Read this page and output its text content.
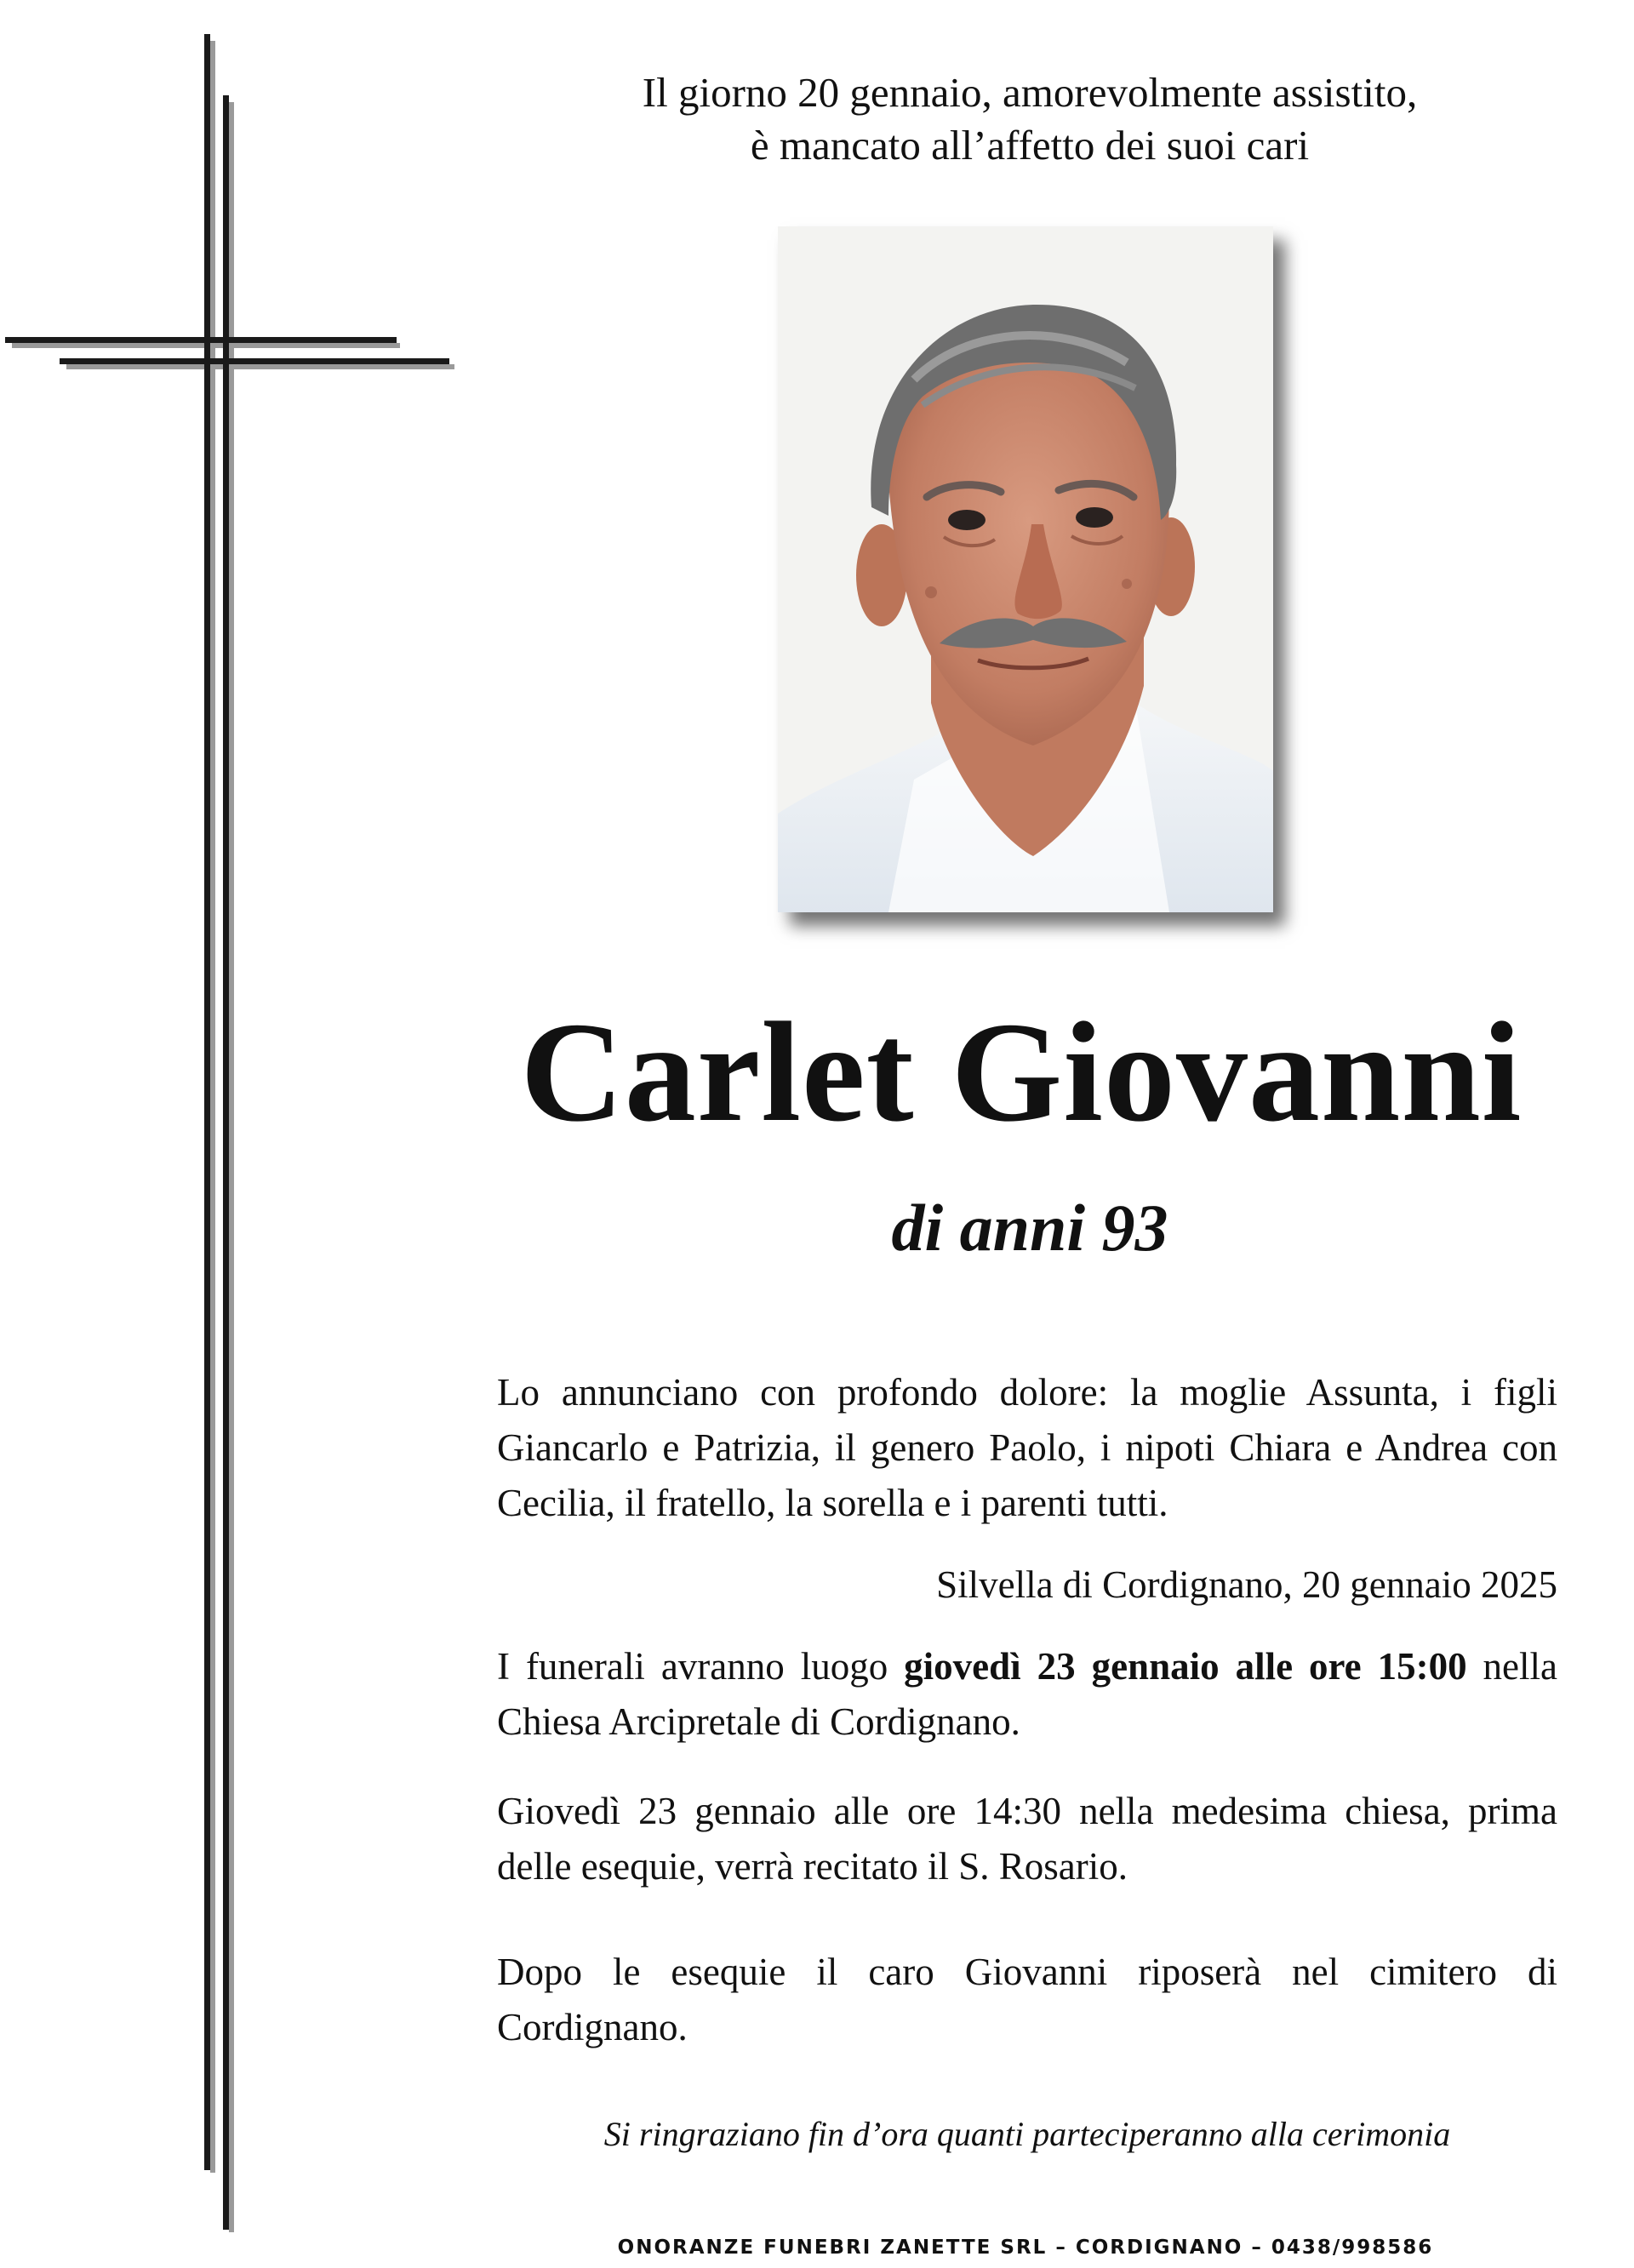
Il giorno 20 gennaio, amorevolmente assistito,
è mancato all’affetto dei suoi cari
Carlet Giovanni
di anni 93
Lo annunciano con profondo dolore: la moglie Assunta, i figli Giancarlo e Patrizia, il genero Paolo, i nipoti Chiara e Andrea con Cecilia, il fratello, la sorella e i parenti tutti.
Silvella di Cordignano, 20 gennaio 2025
I funerali avranno luogo giovedì 23 gennaio alle ore 15:00 nella Chiesa Arcipretale di Cordignano.
Giovedì 23 gennaio alle ore 14:30 nella medesima chiesa, prima delle esequie, verrà recitato il S. Rosario.
Dopo le esequie il caro Giovanni riposerà nel cimitero di
Cordignano.
Si ringraziano fin d’ora quanti parteciperanno alla cerimonia
ONORANZE FUNEBRI ZANETTE SRL – CORDIGNANO – 0438/998586
